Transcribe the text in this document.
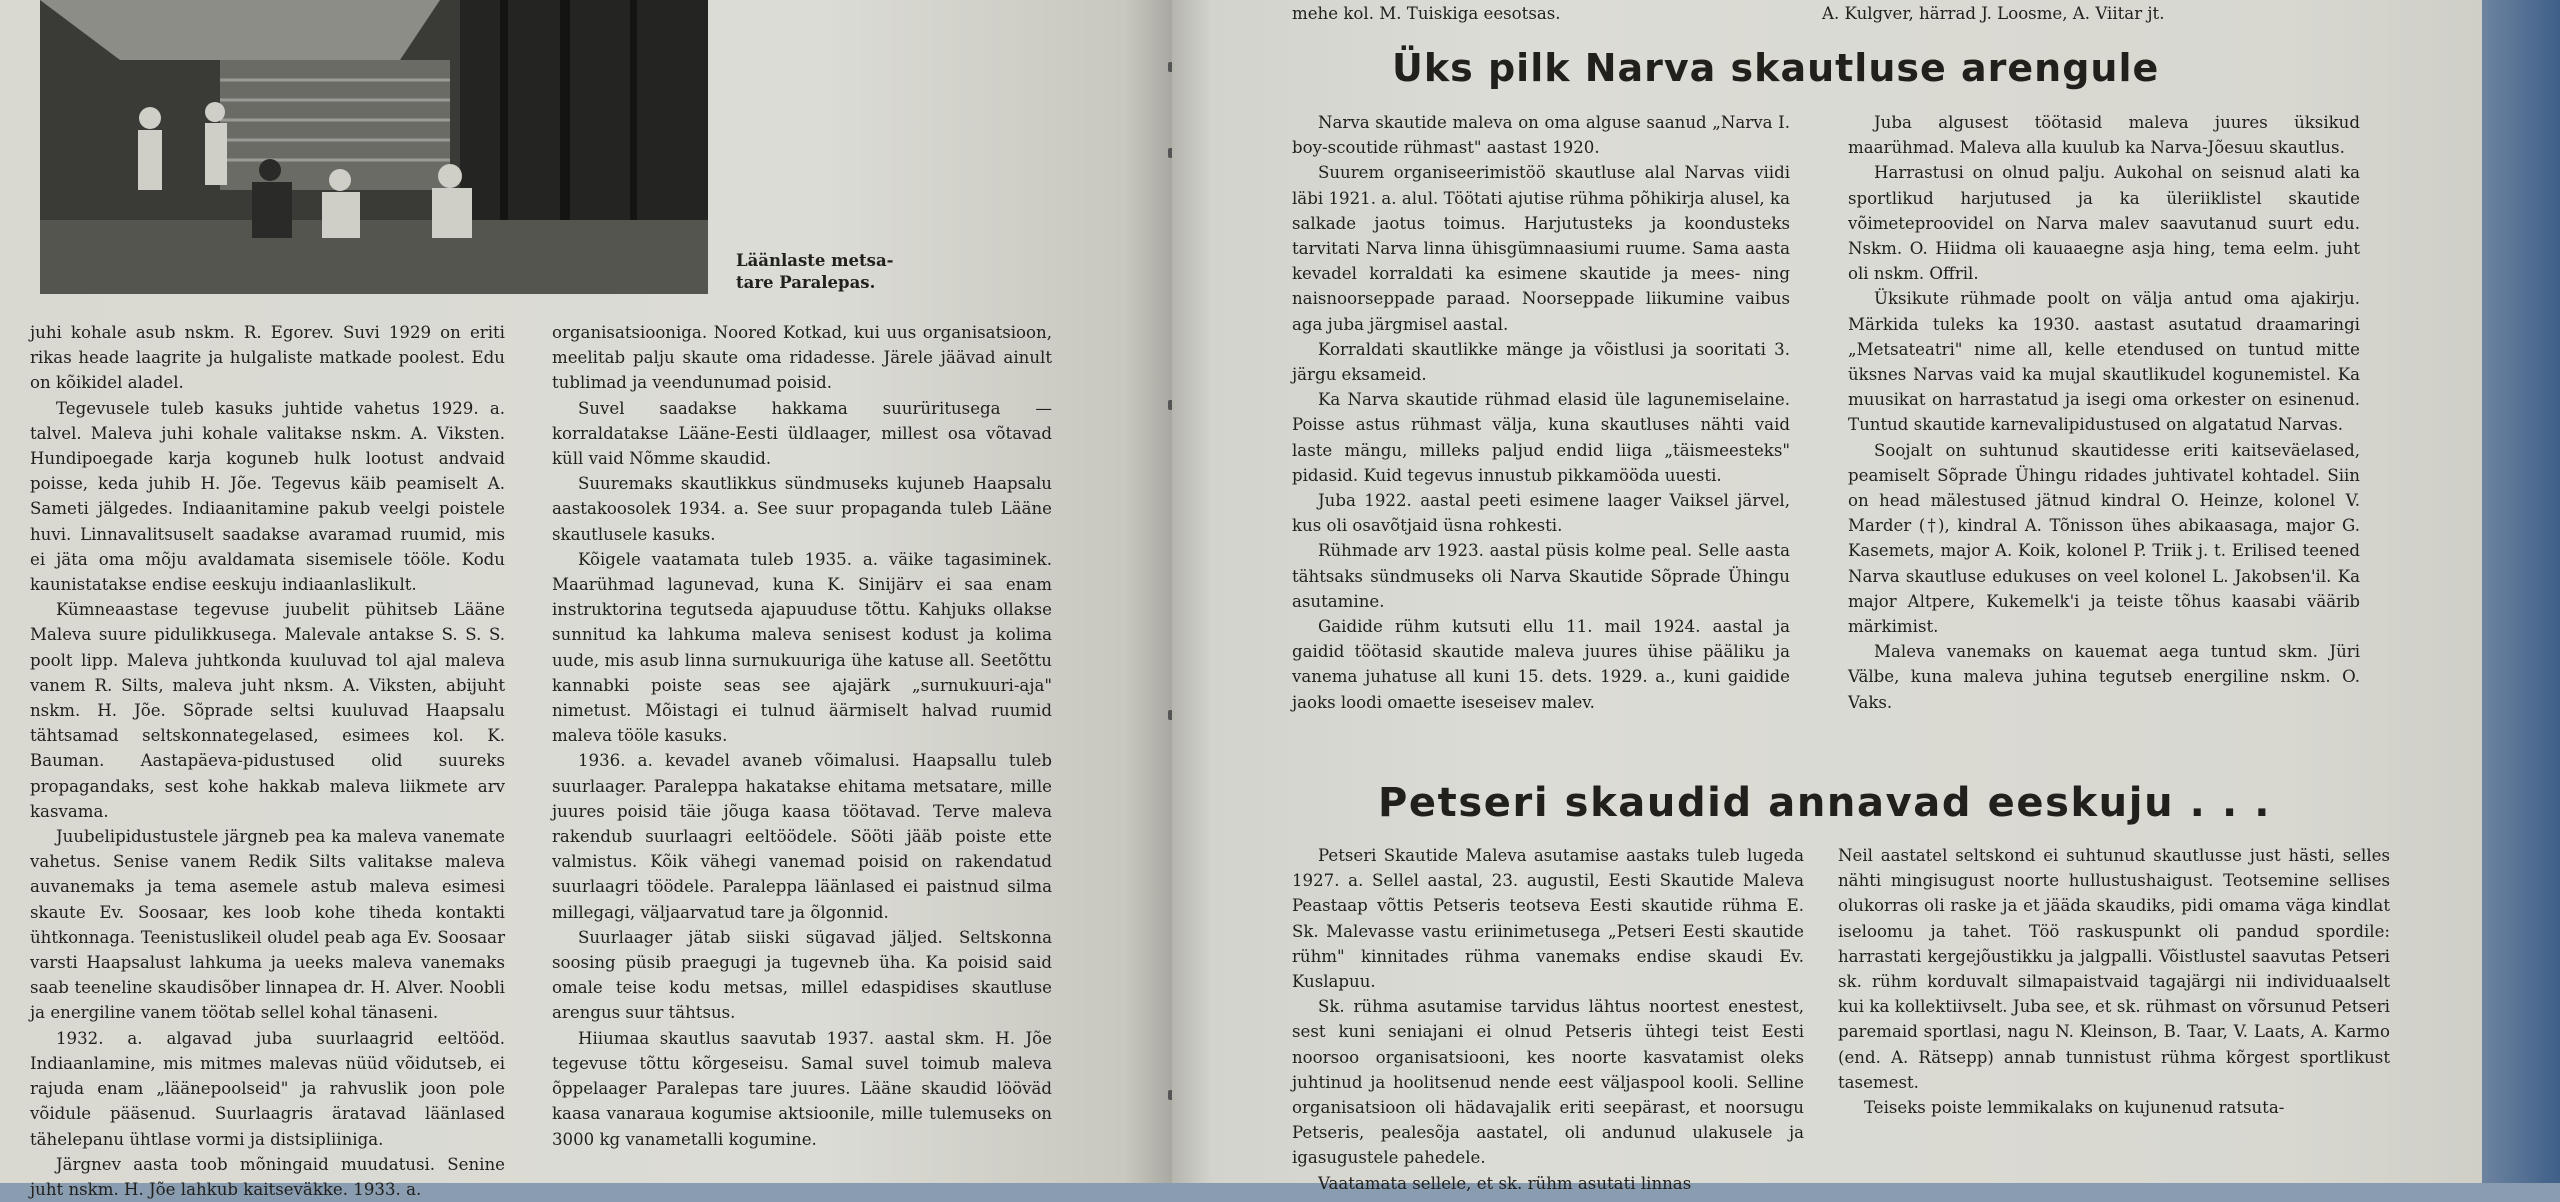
Läänlaste metsa- tare Paralepas.

juhi kohale asub nskm. R. Egorev. Suvi 1929 on eriti rikas heade laagrite ja hulgaliste matkade poolest. Edu on kõikidel aladel.

Tegevusele tuleb kasuks juhtide vahetus 1929. a. talvel. Maleva juhi kohale valitakse nskm. A. Viksten. Hundipoegade karja koguneb hulk lootust andvaid poisse, keda juhib H. Jõe. Tegevus käib peamiselt A. Sameti jälgedes. Indiaanitamine pakub veelgi poistele huvi. Linnavalitsuselt saadakse avaramad ruumid, mis ei jäta oma mõju avaldamata sisemisele tööle. Kodu kaunistatakse endise eeskuju indiaanlaslikult.

Kümneaastase tegevuse juubelit pühitseb Lääne Maleva suure pidulikkusega. Malevale antakse S. S. S. poolt lipp. Maleva juhtkonda kuuluvad tol ajal maleva vanem R. Silts, maleva juht nksm. A. Viksten, abijuht nskm. H. Jõe. Sõprade seltsi kuuluvad Haapsalu tähtsamad seltskonnategelased, esimees kol. K. Bauman. Aastapäeva-pidustused olid suureks propagandaks, sest kohe hakkab maleva liikmete arv kasvama.

Juubelipidustustele järgneb pea ka maleva vanemate vahetus. Senise vanem Redik Silts valitakse maleva auvanemaks ja tema asemele astub maleva esimesi skaute Ev. Soosaar, kes loob kohe tiheda kontakti ühtkonnaga. Teenistuslikeil oludel peab aga Ev. Soosaar varsti Haapsalust lahkuma ja ueeks maleva vanemaks saab teeneline skaudisõber linnapea dr. H. Alver. Noobli ja energiline vanem töötab sellel kohal tänaseni.

1932. a. algavad juba suurlaagrid eeltööd. Indiaanlamine, mis mitmes malevas nüüd võidutseb, ei rajuda enam „läänepoolseid" ja rahvuslik joon pole võidule pääsenud. Suurlaagris äratavad läänlased tähelepanu ühtlase vormi ja distsipliiniga.

Järgnev aasta toob mõningaid muudatusi. Senine juht nskm. H. Jõe lahkub kaitseväkke. 1933. a.

organisatsiooniga. Noored Kotkad, kui uus organisatsioon, meelitab palju skaute oma ridadesse. Järele jäävad ainult tublimad ja veendunumad poisid.

Suvel saadakse hakkama suurüritusega — korraldatakse Lääne-Eesti üldlaager, millest osa võtavad küll vaid Nõmme skaudid.

Suuremaks skautlikkus sündmuseks kujuneb Haapsalu aastakoosolek 1934. a. See suur propaganda tuleb Lääne skautlusele kasuks.

Kõigele vaatamata tuleb 1935. a. väike tagasiminek. Maarühmad lagunevad, kuna K. Sinijärv ei saa enam instruktorina tegutseda ajapuuduse tõttu. Kahjuks ollakse sunnitud ka lahkuma maleva senisest kodust ja kolima uude, mis asub linna surnukuuriga ühe katuse all. Seetõttu kannabki poiste seas see ajajärk „surnukuuri-aja" nimetust. Mõistagi ei tulnud äärmiselt halvad ruumid maleva tööle kasuks.

1936. a. kevadel avaneb võimalusi. Haapsallu tuleb suurlaager. Paraleppa hakatakse ehitama metsatare, mille juures poisid täie jõuga kaasa töötavad. Terve maleva rakendub suurlaagri eeltöödele. Sööti jääb poiste ette valmistus. Kõik vähegi vanemad poisid on rakendatud suurlaagri töödele. Paraleppa läänlased ei paistnud silma millegagi, väljaarvatud tare ja õlgonnid.

Suurlaager jätab siiski sügavad jäljed. Seltskonna soosing püsib praegugi ja tugevneb üha. Ka poisid said omale teise kodu metsas, millel edaspidises skautluse arengus suur tähtsus.

Hiiumaa skautlus saavutab 1937. aastal skm. H. Jõe tegevuse tõttu kõrgeseisu. Samal suvel toimub maleva õppelaager Paralepas tare juures. Lääne skaudid lööväd kaasa vanaraua kogumise aktsioonile, mille tulemuseks on 3000 kg vanametalli kogumine.

mehe kol. M. Tuiskiga eesotsas.	A. Kulgver, härrad J. Loosme, A. Viitar jt.
Üks pilk Narva skautluse arengule

Narva skautide maleva on oma alguse saanud „Narva I. boy-scoutide rühmast" aastast 1920.

Suurem organiseerimistöö skautluse alal Narvas viidi läbi 1921. a. alul. Töötati ajutise rühma põhikirja alusel, ka salkade jaotus toimus. Harjutusteks ja koondusteks tarvitati Narva linna ühisgümnaasiumi ruume. Sama aasta kevadel korraldati ka esimene skautide ja mees- ning naisnoorseppade paraad. Noorseppade liikumine vaibus aga juba järgmisel aastal.

Korraldati skautlikke mänge ja võistlusi ja sooritati 3. järgu eksameid.

Ka Narva skautide rühmad elasid üle lagunemiselaine. Poisse astus rühmast välja, kuna skautluses nähti vaid laste mängu, milleks paljud endid liiga „täismeesteks" pidasid. Kuid tegevus innustub pikkamööda uuesti.

Juba 1922. aastal peeti esimene laager Vaiksel järvel, kus oli osavõtjaid üsna rohkesti.

Rühmade arv 1923. aastal püsis kolme peal. Selle aasta tähtsaks sündmuseks oli Narva Skautide Sõprade Ühingu asutamine.

Gaidide rühm kutsuti ellu 11. mail 1924. aastal ja gaidid töötasid skautide maleva juures ühise pääliku ja vanema juhatuse all kuni 15. dets. 1929. a., kuni gaidide jaoks loodi omaette iseseisev malev.

Juba algusest töötasid maleva juures üksikud maarühmad. Maleva alla kuulub ka Narva-Jõesuu skautlus.

Harrastusi on olnud palju. Aukohal on seisnud alati ka sportlikud harjutused ja ka üleriiklistel skautide võimeteproovidel on Narva malev saavutanud suurt edu. Nskm. O. Hiidma oli kauaaegne asja hing, tema eelm. juht oli nskm. Offril.

Üksikute rühmade poolt on välja antud oma ajakirju. Märkida tuleks ka 1930. aastast asutatud draamaringi „Metsateatri" nime all, kelle etendused on tuntud mitte üksnes Narvas vaid ka mujal skautlikudel kogunemistel. Ka muusikat on harrastatud ja isegi oma orkester on esinenud. Tuntud skautide karnevalipidustused on algatatud Narvas.

Soojalt on suhtunud skautidesse eriti kaitseväelased, peamiselt Sõprade Ühingu ridades juhtivatel kohtadel. Siin on head mälestused jätnud kindral O. Heinze, kolonel V. Marder (†), kindral A. Tõnisson ühes abikaasaga, major G. Kasemets, major A. Koik, kolonel P. Triik j. t. Erilised teened Narva skautluse edukuses on veel kolonel L. Jakobsen'il. Ka major Altpere, Kukemelk'i ja teiste tõhus kaasabi väärib märkimist.

Maleva vanemaks on kauemat aega tuntud skm. Jüri Välbe, kuna maleva juhina tegutseb energiline nskm. O. Vaks.

Petseri skaudid annavad eeskuju . . .

Petseri Skautide Maleva asutamise aastaks tuleb lugeda 1927. a. Sellel aastal, 23. augustil, Eesti Skautide Maleva Peastaap võttis Petseris teotseva Eesti skautide rühma E. Sk. Malevasse vastu eriinimetusega „Petseri Eesti skautide rühm" kinnitades rühma vanemaks endise skaudi Ev. Kuslapuu.

Sk. rühma asutamise tarvidus lähtus noortest enestest, sest kuni seniajani ei olnud Petseris ühtegi teist Eesti noorsoo organisatsiooni, kes noorte kasvatamist oleks juhtinud ja hoolitsenud nende eest väljaspool kooli. Selline organisatsioon oli hädavajalik eriti seepärast, et noorsugu Petseris, pealesõja aastatel, oli andunud ulakusele ja igasugustele pahedele.

Vaatamata sellele, et sk. rühm asutati linnas

Neil aastatel seltskond ei suhtunud skautlusse just hästi, selles nähti mingisugust noorte hullustushaigust. Teotsemine sellises olukorras oli raske ja et jääda skaudiks, pidi omama väga kindlat iseloomu ja tahet. Töö raskuspunkt oli pandud spordile: harrastati kergejõustikku ja jalgpalli. Võistlustel saavutas Petseri sk. rühm korduvalt silmapaistvaid tagajärgi nii individuaalselt kui ka kollektiivselt. Juba see, et sk. rühmast on võrsunud Petseri paremaid sportlasi, nagu N. Kleinson, B. Taar, V. Laats, A. Karmo (end. A. Rätsepp) annab tunnistust rühma kõrgest sportlikust tasemest.

Teiseks poiste lemmikalaks on kujunenud ratsuta-
